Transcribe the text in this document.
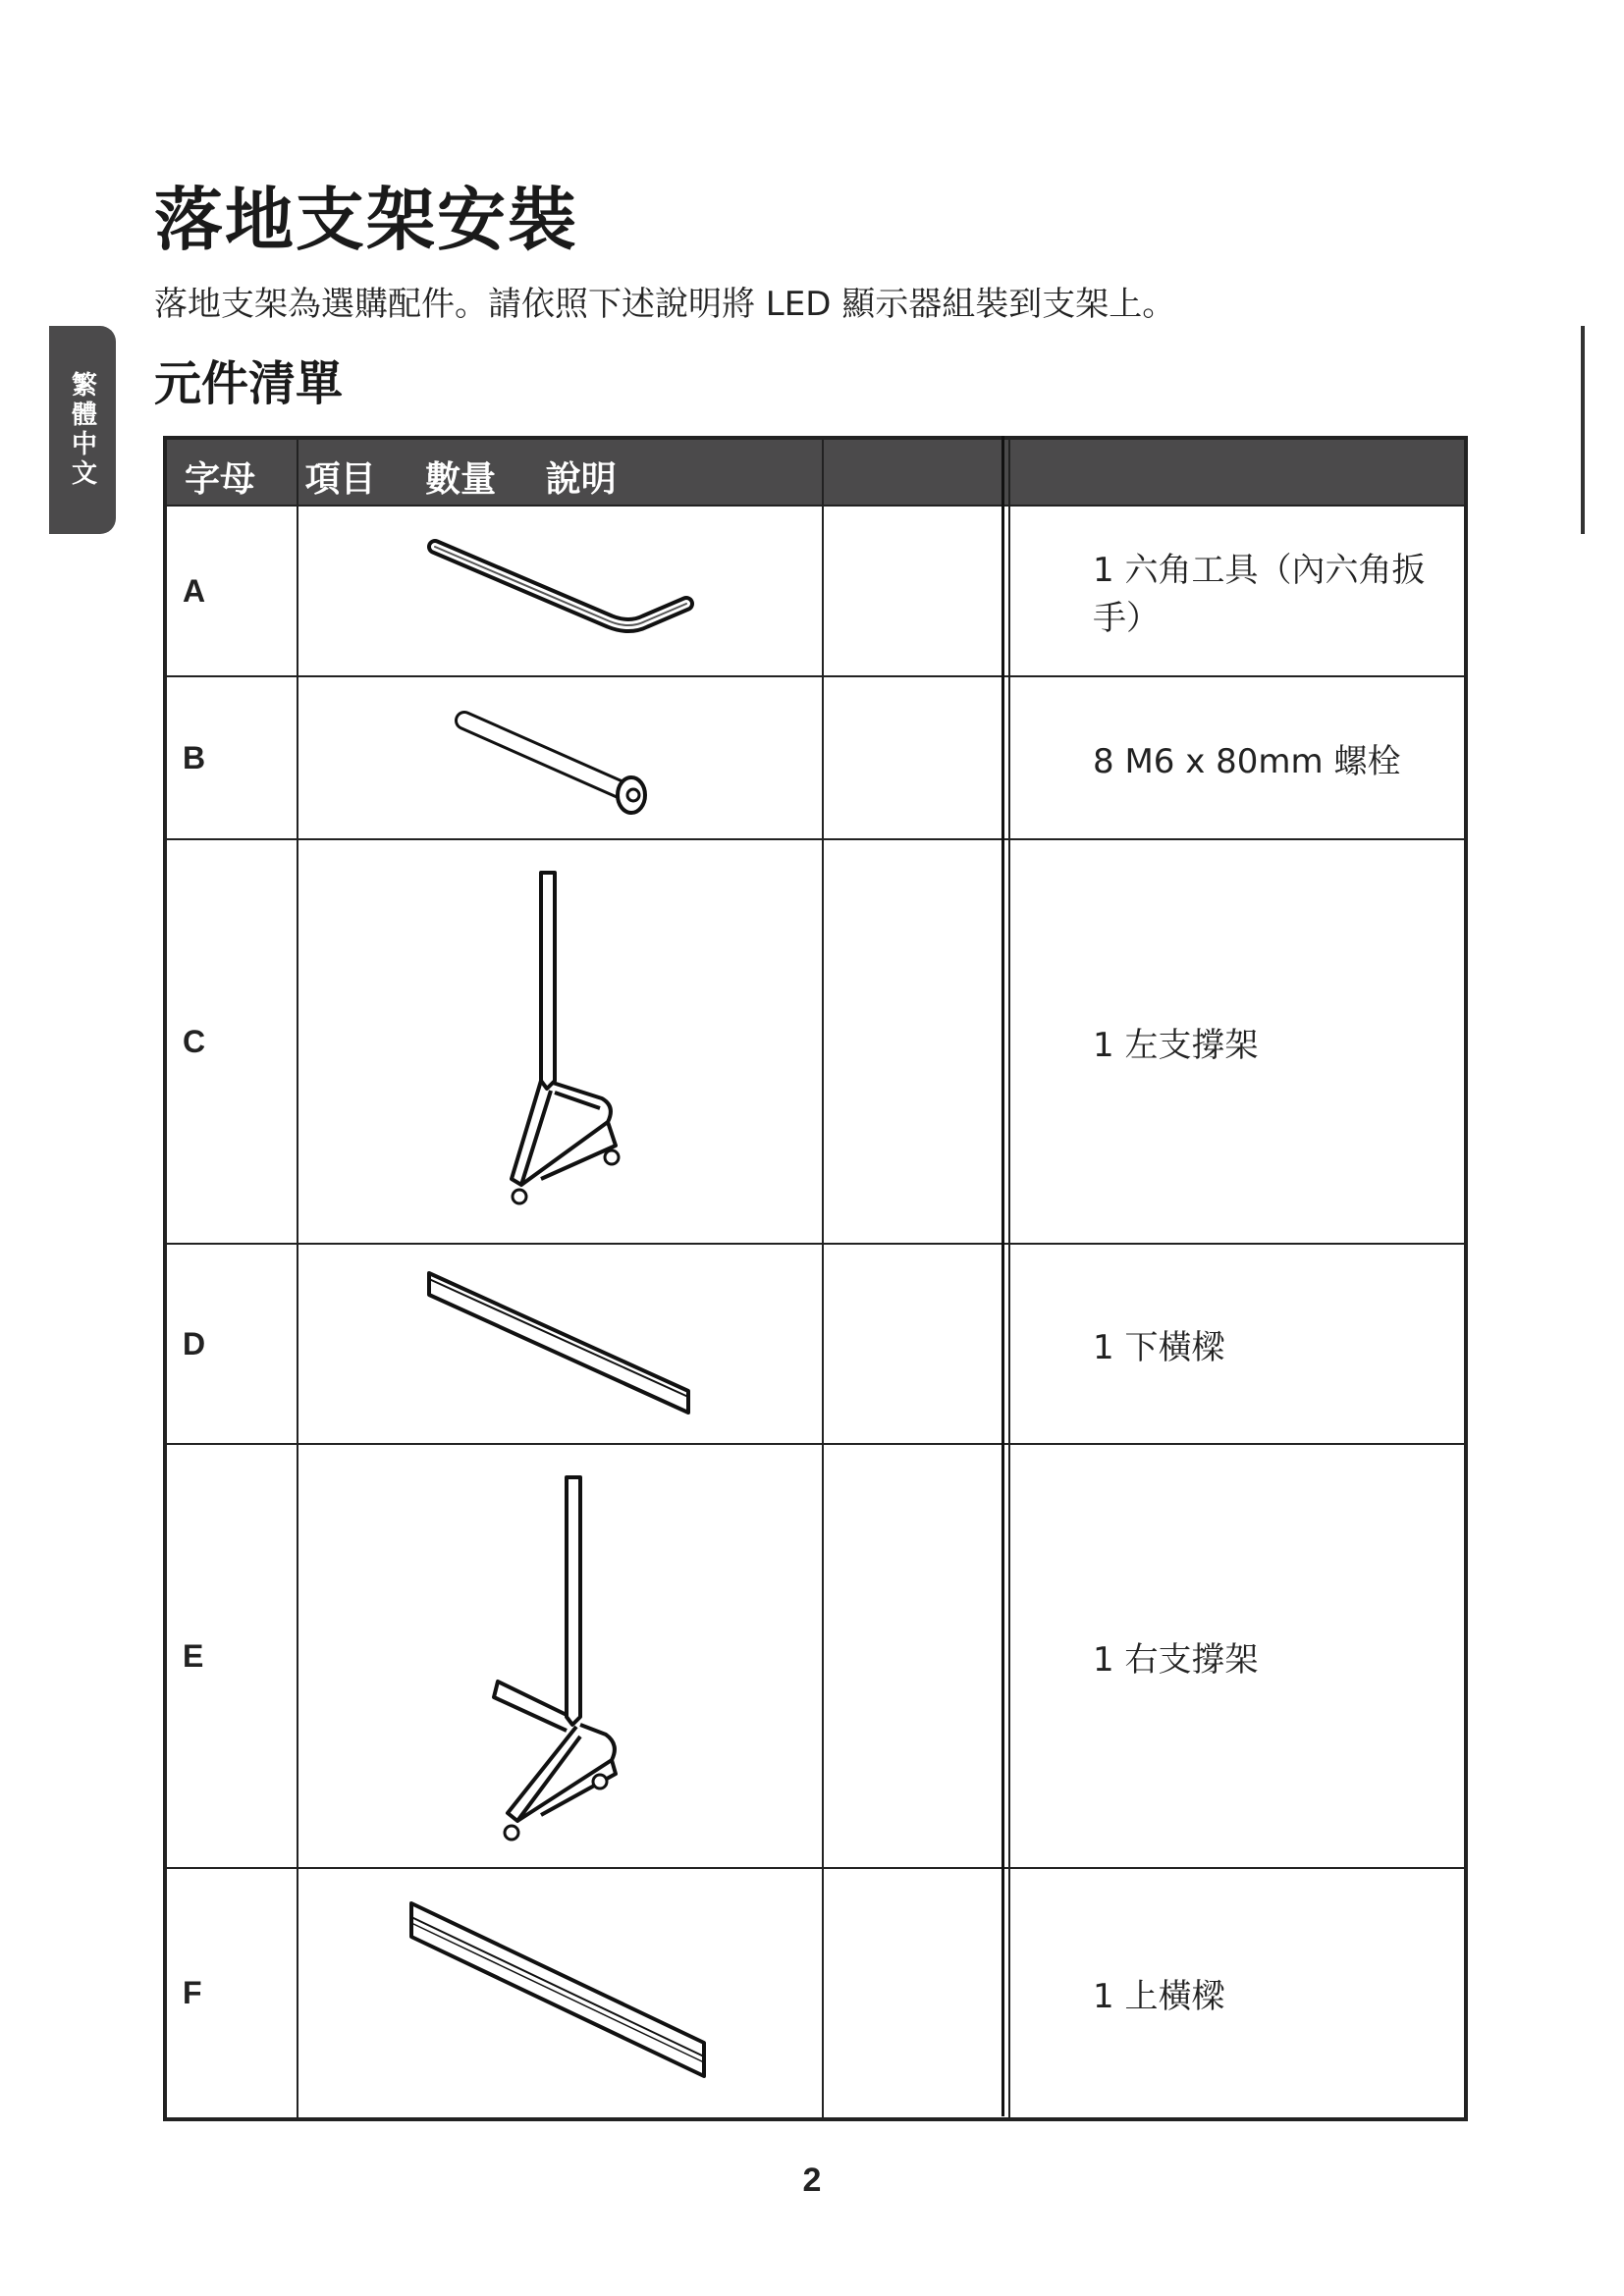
繁體中文
落地支架安裝
落地支架為選購配件。請依照下述說明將 LED 顯示器組裝到支架上。
元件清單
字母 項目 數量 說明			

A			1 六角工具（內六角扳手）
B			8 M6 x 80mm 螺栓
C			1 左支撐架
D			1 下橫樑
E			1 右支撐架
F			1 上橫樑
2
